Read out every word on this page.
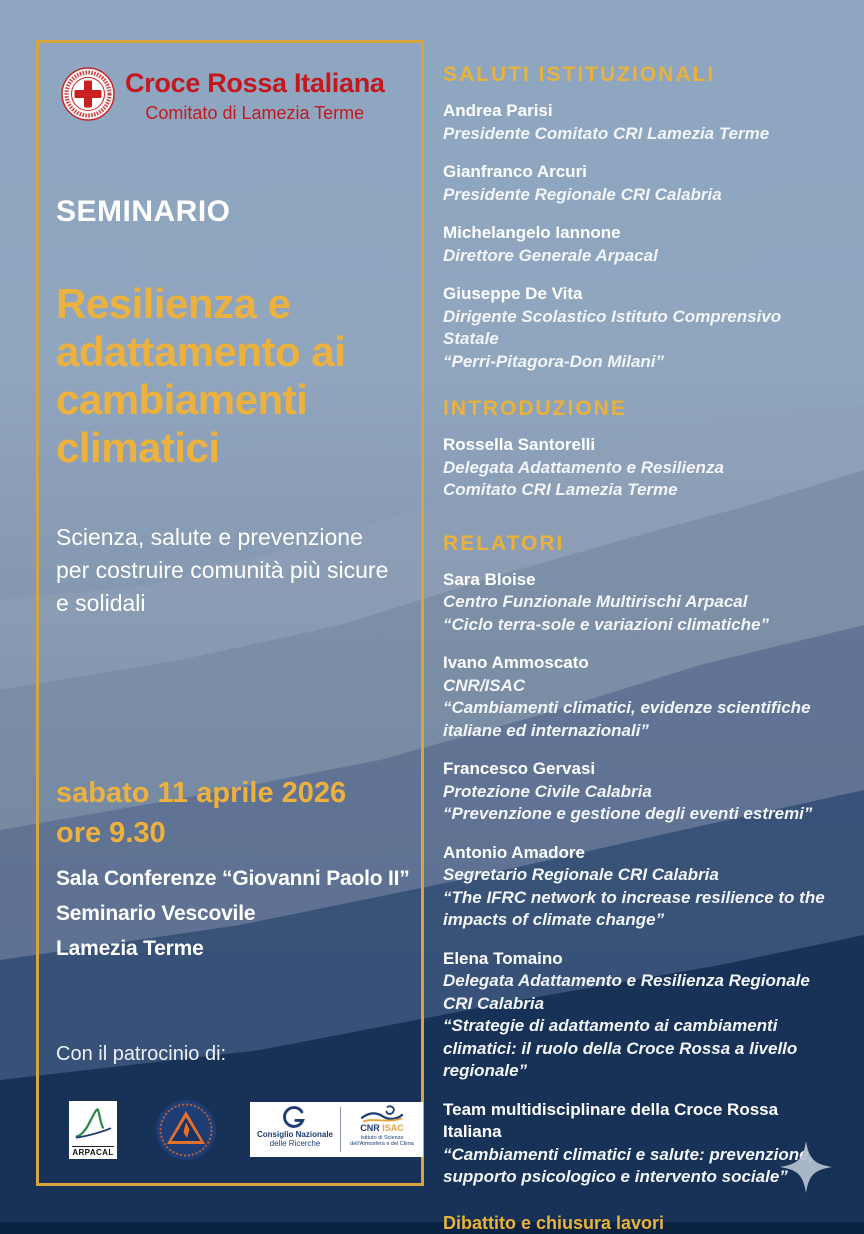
Croce Rossa Italiana
Comitato di Lamezia Terme
SEMINARIO
Resilienza e
adattamento ai
cambiamenti
climatici
Scienza, salute e prevenzione per costruire comunità più sicure e solidali
sabato 11 aprile 2026
ore 9.30
Sala Conferenze “Giovanni Paolo II”
Seminario Vescovile
Lamezia Terme
Con il patrocinio di:
ARPACAL
Consiglio Nazionale
delle Ricerche
CNR ISAC
Istituto di Scienze dell'Atmosfera e del Clima
SALUTI ISTITUZIONALI
Andrea Parisi
Presidente Comitato CRI Lamezia Terme
Gianfranco Arcuri
Presidente Regionale CRI Calabria
Michelangelo Iannone
Direttore Generale Arpacal
Giuseppe De Vita
Dirigente Scolastico Istituto Comprensivo Statale
“Perri-Pitagora-Don Milani”
INTRODUZIONE
Rossella Santorelli
Delegata Adattamento e Resilienza
Comitato CRI Lamezia Terme
RELATORI
Sara Bloise
Centro Funzionale Multirischi Arpacal
“Ciclo terra-sole e variazioni climatiche”
Ivano Ammoscato
CNR/ISAC
“Cambiamenti climatici, evidenze scientifiche italiane ed internazionali”
Francesco Gervasi
Protezione Civile Calabria
“Prevenzione e gestione degli eventi estremi”
Antonio Amadore
Segretario Regionale CRI Calabria
“The IFRC network to increase resilience to the impacts of climate change”
Elena Tomaino
Delegata Adattamento e Resilienza Regionale
CRI Calabria
“Strategie di adattamento ai cambiamenti climatici: il ruolo della Croce Rossa a livello regionale”
Team multidisciplinare della Croce Rossa Italiana
“Cambiamenti climatici e salute: prevenzione, supporto psicologico e intervento sociale”
Dibattito e chiusura lavori
